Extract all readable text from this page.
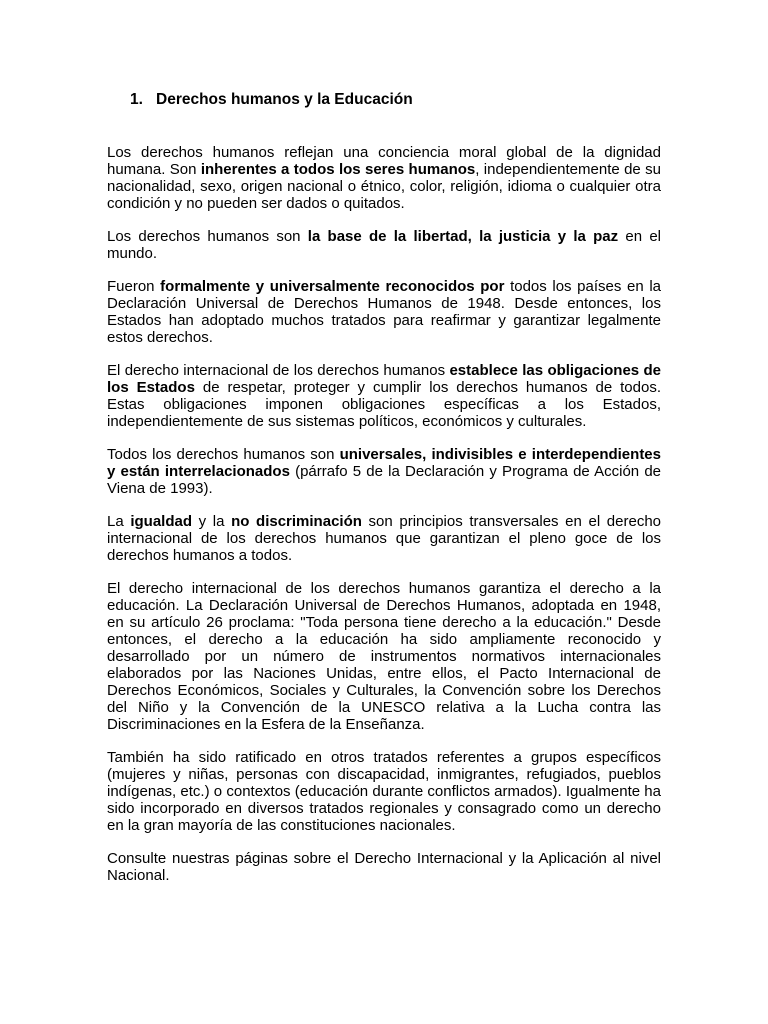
1. Derechos humanos y la Educación

Los derechos humanos reflejan una conciencia moral global de la dignidad humana. Son inherentes a todos los seres humanos, independientemente de su nacionalidad, sexo, origen nacional o étnico, color, religión, idioma o cualquier otra condición y no pueden ser dados o quitados.

Los derechos humanos son la base de la libertad, la justicia y la paz en el mundo.

Fueron formalmente y universalmente reconocidos por todos los países en la Declaración Universal de Derechos Humanos de 1948. Desde entonces, los Estados han adoptado muchos tratados para reafirmar y garantizar legalmente estos derechos.

El derecho internacional de los derechos humanos establece las obligaciones de los Estados de respetar, proteger y cumplir los derechos humanos de todos. Estas obligaciones imponen obligaciones específicas a los Estados, independientemente de sus sistemas políticos, económicos y culturales.

Todos los derechos humanos son universales, indivisibles e interdependientes y están interrelacionados (párrafo 5 de la Declaración y Programa de Acción de Viena de 1993).

La igualdad y la no discriminación son principios transversales en el derecho internacional de los derechos humanos que garantizan el pleno goce de los derechos humanos a todos.

El derecho internacional de los derechos humanos garantiza el derecho a la educación. La Declaración Universal de Derechos Humanos, adoptada en 1948, en su artículo 26 proclama: "Toda persona tiene derecho a la educación." Desde entonces, el derecho a la educación ha sido ampliamente reconocido y desarrollado por un número de instrumentos normativos internacionales elaborados por las Naciones Unidas, entre ellos, el Pacto Internacional de Derechos Económicos, Sociales y Culturales, la Convención sobre los Derechos del Niño y la Convención de la UNESCO relativa a la Lucha contra las Discriminaciones en la Esfera de la Enseñanza.

También ha sido ratificado en otros tratados referentes a grupos específicos (mujeres y niñas, personas con discapacidad, inmigrantes, refugiados, pueblos indígenas, etc.) o contextos (educación durante conflictos armados). Igualmente ha sido incorporado en diversos tratados regionales y consagrado como un derecho en la gran mayoría de las constituciones nacionales.

Consulte nuestras páginas sobre el Derecho Internacional y la Aplicación al nivel Nacional.
